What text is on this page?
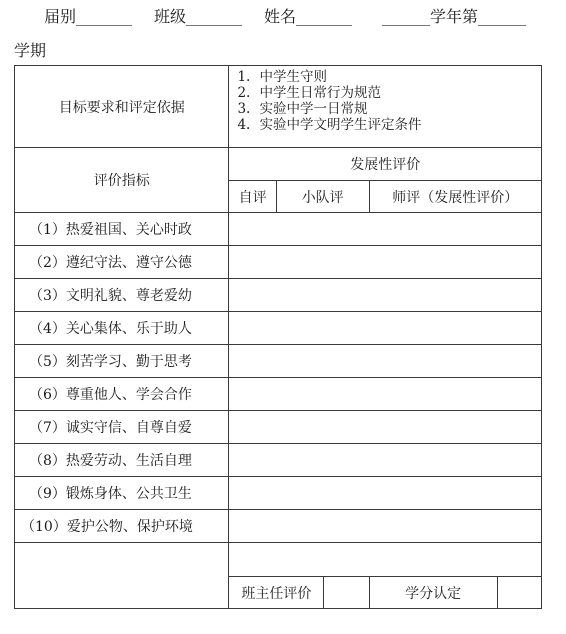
届别_______ 班级_______ 姓名_______ ______学年第______
学期
目标要求和评定依据	1. 中学生守则
2. 中学生日常行为规范
3. 实验中学一日常规
4. 实验中学文明学生评定条件				

评价指标	发展性评价				
	自评	小队评		师评（发展性评价）	
（1）热爱祖国、关心时政					
（2）遵纪守法、遵守公德					
（3）文明礼貌、尊老爱幼					
（4）关心集体、乐于助人					
（5）刻苦学习、勤于思考					
（6）尊重他人、学会合作					
（7）诚实守信、自尊自爱					
（8）热爱劳动、生活自理					
（9）锻炼身体、公共卫生					
（10）爱护公物、保护环境					

	班主任评价			学分认定	
